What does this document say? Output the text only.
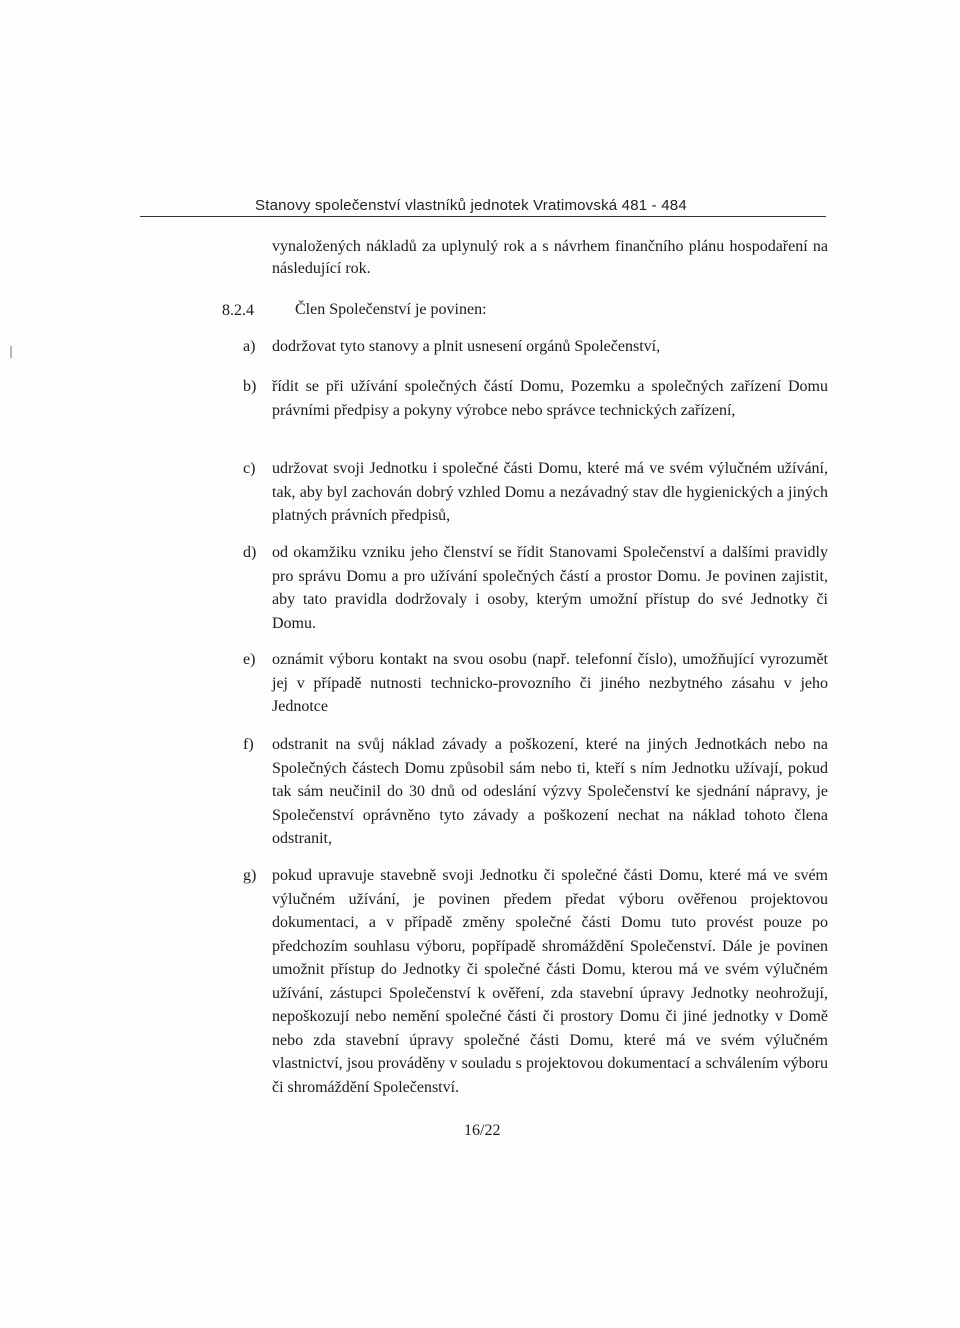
Stanovy společenství vlastníků jednotek Vratimovská 481 - 484
vynaložených nákladů za uplynulý rok a s návrhem finančního plánu hospodaření na následující rok.
8.2.4	Člen Společenství je povinen:
a)	dodržovat tyto stanovy a plnit usnesení orgánů Společenství,
b) řídit se při užívání společných částí Domu, Pozemku a společných zařízení Domu právními předpisy a pokyny výrobce nebo správce technických zařízení,
c)	udržovat svoji Jednotku i společné části Domu, které má ve svém výlučném užívání, tak, aby byl zachován dobrý vzhled Domu a nezávadný stav dle hygienických a jiných platných právních předpisů,
d) od okamžiku vzniku jeho členství se řídit Stanovami Společenství a dalšími pravidly pro správu Domu a pro užívání společných částí a prostor Domu. Je povinen zajistit, aby tato pravidla dodržovaly i osoby, kterým umožní přístup do své Jednotky či Domu.
e)	oznámit výboru kontakt na svou osobu (např. telefonní číslo), umožňující vyrozumět jej v případě nutnosti technicko-provozního či jiného nezbytného zásahu v jeho Jednotce
f)	odstranit na svůj náklad závady a poškození, které na jiných Jednotkách nebo na Společných částech Domu způsobil sám nebo ti, kteří s ním Jednotku užívají, pokud tak sám neučinil do 30 dnů od odeslání výzvy Společenství ke sjednání nápravy, je Společenství oprávněno tyto závady a poškození nechat na náklad tohoto člena odstranit,
g) pokud upravuje stavebně svoji Jednotku či společné části Domu, které má ve svém výlučném užívání, je povinen předem předat výboru ověřenou projektovou dokumentaci, a v případě změny společné části Domu tuto provést pouze po předchozím souhlasu výboru, popřípadě shromáždění Společenství. Dále je povinen umožnit přístup do Jednotky či společné části Domu, kterou má ve svém výlučném užívání, zástupci Společenství k ověření, zda stavební úpravy Jednotky neohrožují, nepoškozují nebo nemění společné části či prostory Domu či jiné jednotky v Domě nebo zda stavební úpravy společné části Domu, které má ve svém výlučném vlastnictví, jsou prováděny v souladu s projektovou dokumentací a schválením výboru či shromáždění Společenství.
16/22
